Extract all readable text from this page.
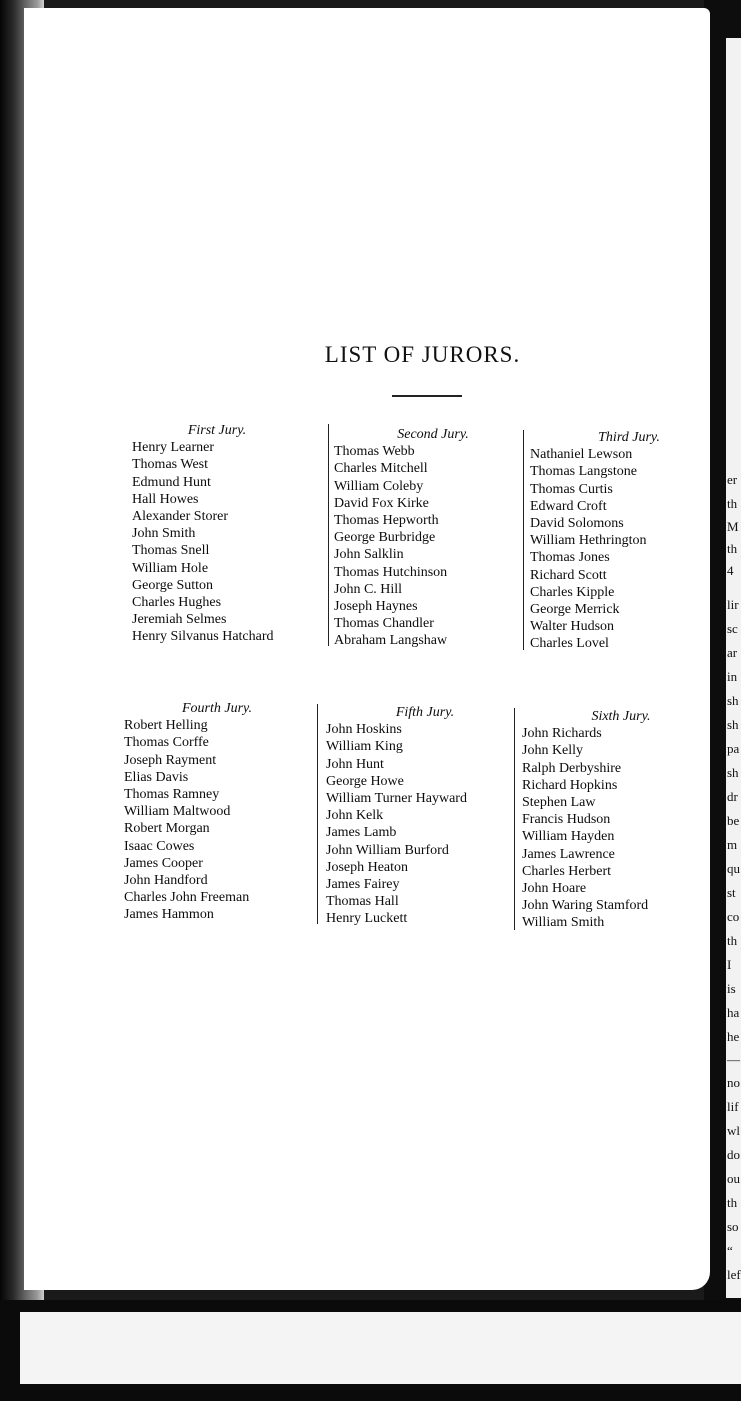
er
th
M
th
4
lir
sc
ar
in
sh
sh
pa
sh
dr
be
m
qu
st
co
th
I
is
ha
he
—
no
lif
wl
do
ou
th
so
“
lef
LIST OF JURORS.
First Jury.
Henry Learner
Thomas West
Edmund Hunt
Hall Howes
Alexander Storer
John Smith
Thomas Snell
William Hole
George Sutton
Charles Hughes
Jeremiah Selmes
Henry Silvanus Hatchard
Second Jury.
Thomas Webb
Charles Mitchell
William Coleby
David Fox Kirke
Thomas Hepworth
George Burbridge
John Salklin
Thomas Hutchinson
John C. Hill
Joseph Haynes
Thomas Chandler
Abraham Langshaw
Third Jury.
Nathaniel Lewson
Thomas Langstone
Thomas Curtis
Edward Croft
David Solomons
William Hethrington
Thomas Jones
Richard Scott
Charles Kipple
George Merrick
Walter Hudson
Charles Lovel
Fourth Jury.
Robert Helling
Thomas Corffe
Joseph Rayment
Elias Davis
Thomas Ramney
William Maltwood
Robert Morgan
Isaac Cowes
James Cooper
John Handford
Charles John Freeman
James Hammon
Fifth Jury.
John Hoskins
William King
John Hunt
George Howe
William Turner Hayward
John Kelk
James Lamb
John William Burford
Joseph Heaton
James Fairey
Thomas Hall
Henry Luckett
Sixth Jury.
John Richards
John Kelly
Ralph Derbyshire
Richard Hopkins
Stephen Law
Francis Hudson
William Hayden
James Lawrence
Charles Herbert
John Hoare
John Waring Stamford
William Smith
